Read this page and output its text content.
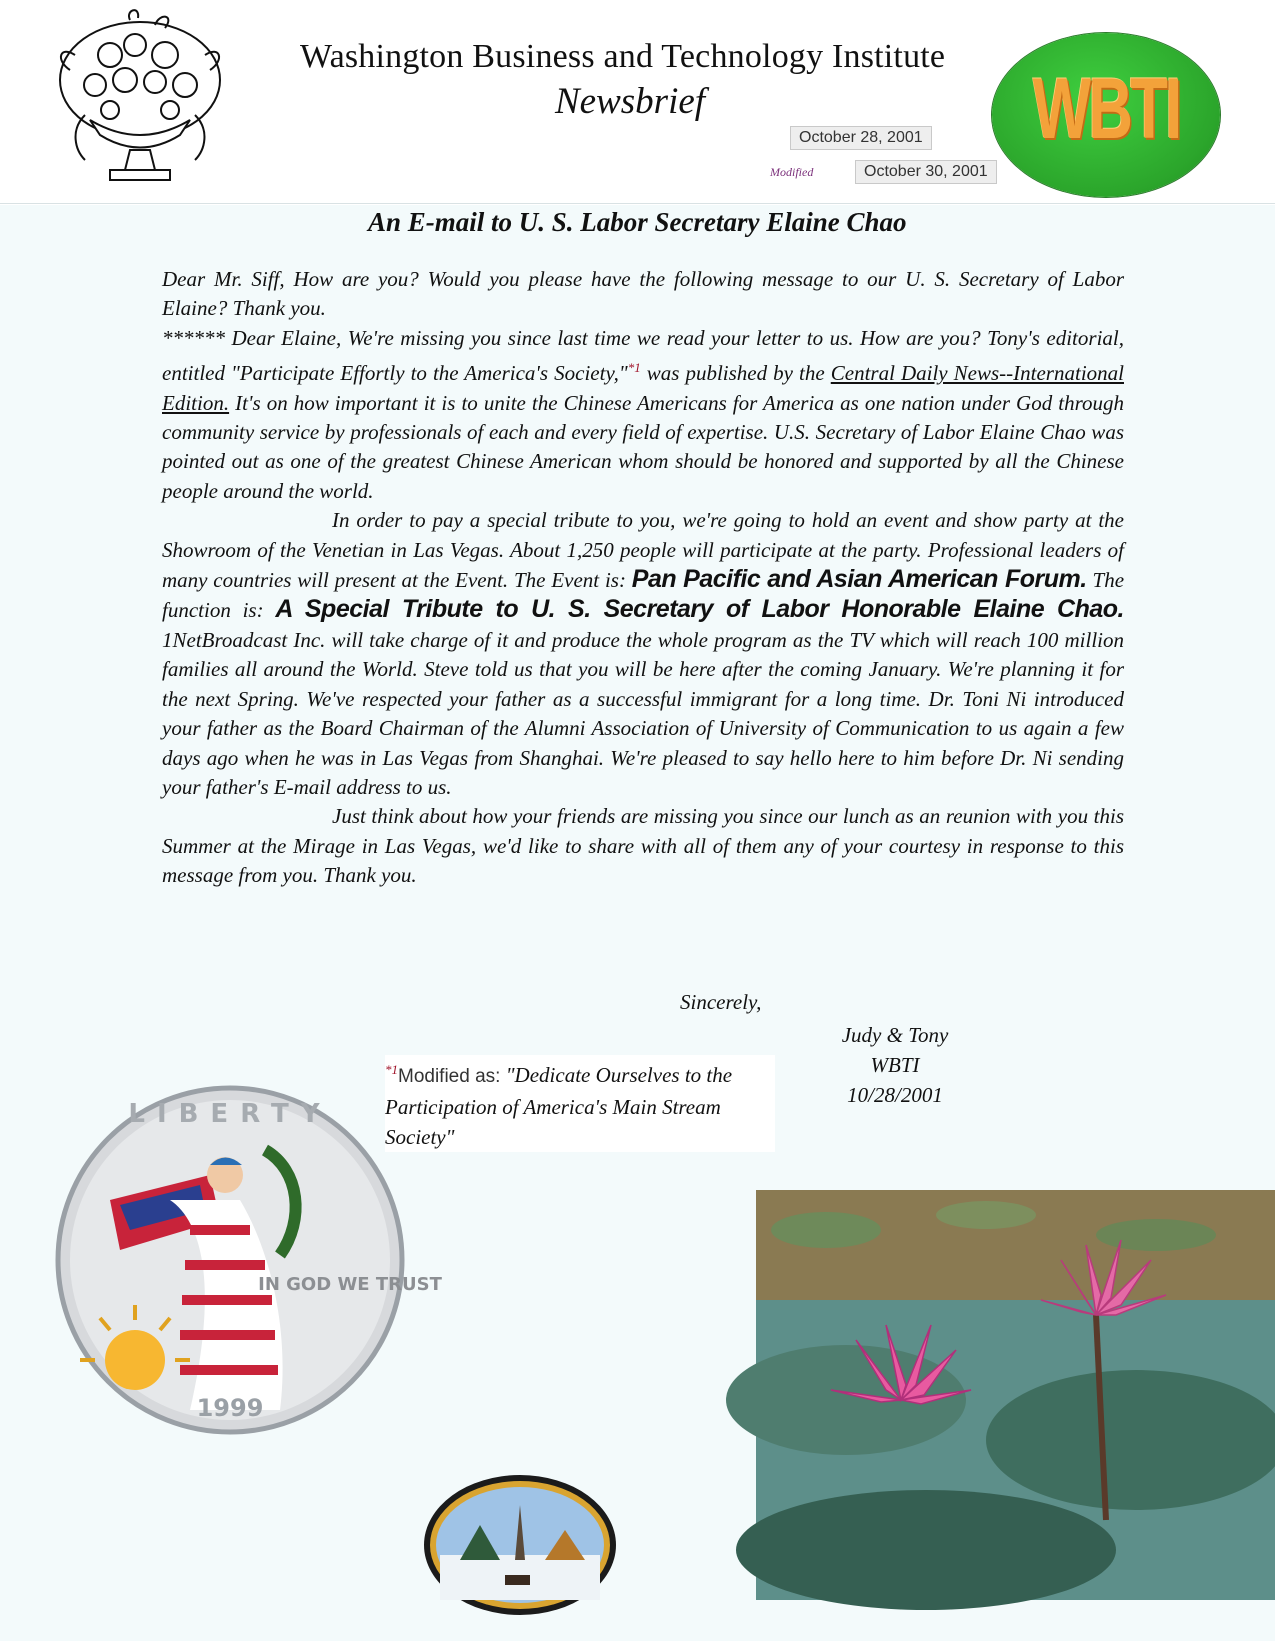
Washington Business and Technology Institute
Newsbrief
October 28, 2001
Modified	October 30, 2001
WBTI
An E-mail to U. S. Labor Secretary Elaine Chao

Dear Mr. Siff, How are you? Would you please have the following message to our U. S. Secretary of Labor Elaine? Thank you.

****** Dear Elaine, We're missing you since last time we read your letter to us. How are you? Tony's editorial, entitled "Participate Effortly to the America's Society,"$^{*1}$ was published by the Central Daily News--International Edition. It's on how important it is to unite the Chinese Americans for America as one nation under God through community service by professionals of each and every field of expertise. U.S. Secretary of Labor Elaine Chao was pointed out as one of the greatest Chinese American whom should be honored and supported by all the Chinese people around the world.

In order to pay a special tribute to you, we're going to hold an event and show party at the Showroom of the Venetian in Las Vegas. About 1,250 people will participate at the party. Professional leaders of many countries will present at the Event. The Event is: Pan Pacific and Asian American Forum. The function is: A Special Tribute to U. S. Secretary of Labor Honorable Elaine Chao. 1NetBroadcast Inc. will take charge of it and produce the whole program as the TV which will reach 100 million families all around the World. Steve told us that you will be here after the coming January. We're planning it for the next Spring. We've respected your father as a successful immigrant for a long time. Dr. Toni Ni introduced your father as the Board Chairman of the Alumni Association of University of Communication to us again a few days ago when he was in Las Vegas from Shanghai. We're pleased to say hello here to him before Dr. Ni sending your father's E-mail address to us.

Just think about how your friends are missing you since our lunch as an reunion with you this Summer at the Mirage in Las Vegas, we'd like to share with all of them any of your courtesy in response to this message from you. Thank you.

Sincerely,
Judy & Tony
WBTI
10/28/2001
$^{*1}$Modified as: "Dedicate Ourselves to the Participation of America's Main Stream Society"
IN GOD WE TRUST
1999
LIBERTY
